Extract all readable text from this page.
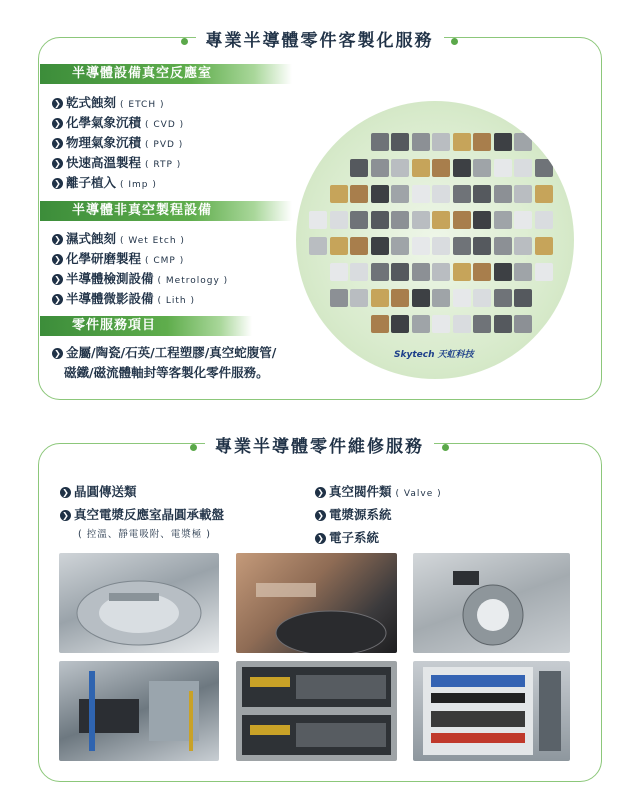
專業半導體零件客製化服務
半導體設備真空反應室
❯ 乾式蝕刻 ( ETCH )
❯ 化學氣象沉積 ( CVD )
❯ 物理氣象沉積 ( PVD )
❯ 快速高溫製程 ( RTP )
❯ 離子植入 ( Imp )
半導體非真空製程設備
❯ 濕式蝕刻 ( Wet Etch )
❯ 化學研磨製程 ( CMP )
❯ 半導體檢測設備 ( Metrology )
❯ 半導體微影設備 ( Lith )
零件服務項目
❯ 金屬/陶瓷/石英/工程塑膠/真空蛇腹管/
磁鐵/磁流體軸封等客製化零件服務。
Skytech 天虹科技
專業半導體零件維修服務
❯ 晶圓傳送類
❯ 真空電漿反應室晶圓承載盤
( 控溫、靜電吸附、電漿極 )
❯ 真空閥件類 ( Valve )
❯ 電漿源系統
❯ 電子系統
